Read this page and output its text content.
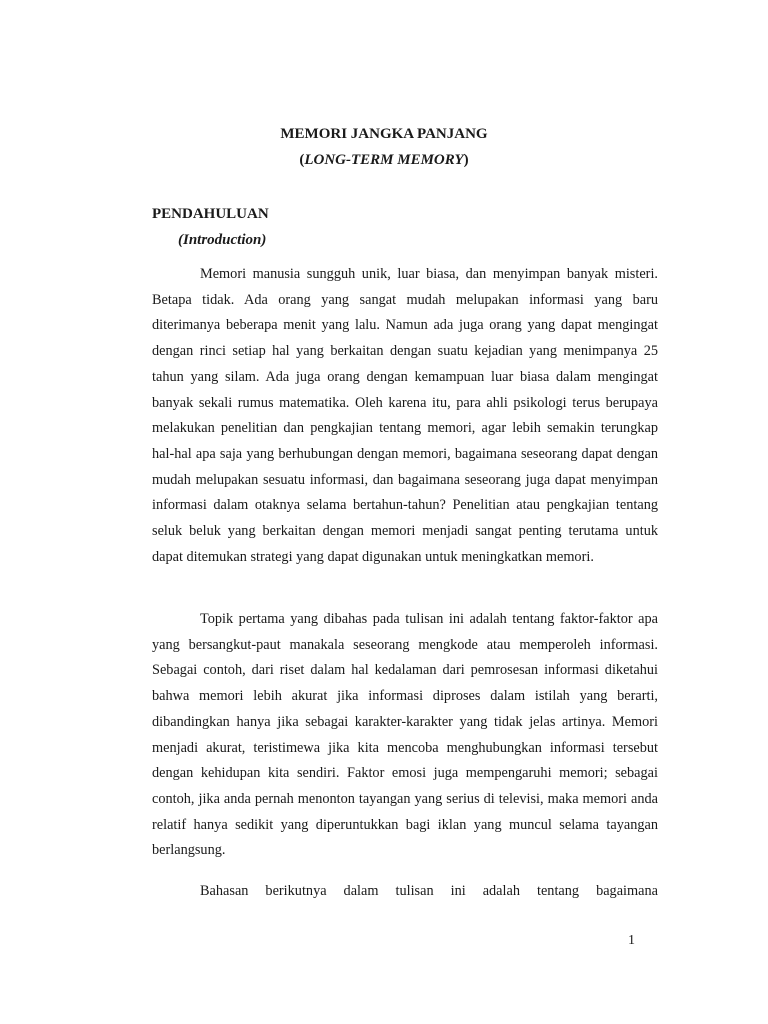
MEMORI JANGKA PANJANG
(LONG-TERM MEMORY)
PENDAHULUAN
(Introduction)

Memori manusia sungguh unik, luar biasa, dan menyimpan banyak misteri. Betapa tidak. Ada orang yang sangat mudah melupakan informasi yang baru diterimanya beberapa menit yang lalu. Namun ada juga orang yang dapat mengingat dengan rinci setiap hal yang berkaitan dengan suatu kejadian yang menimpanya 25 tahun yang silam. Ada juga orang dengan kemampuan luar biasa dalam mengingat banyak sekali rumus matematika. Oleh karena itu, para ahli psikologi terus berupaya melakukan penelitian dan pengkajian tentang memori, agar lebih semakin terungkap hal-hal apa saja yang berhubungan dengan memori, bagaimana seseorang dapat dengan mudah melupakan sesuatu informasi, dan bagaimana seseorang juga dapat menyimpan informasi dalam otaknya selama bertahun-tahun? Penelitian atau pengkajian tentang seluk beluk yang berkaitan dengan memori menjadi sangat penting terutama untuk dapat ditemukan strategi yang dapat digunakan untuk meningkatkan memori.

Topik pertama yang dibahas pada tulisan ini adalah tentang faktor-faktor apa yang bersangkut-paut manakala seseorang mengkode atau memperoleh informasi. Sebagai contoh, dari riset dalam hal kedalaman dari pemrosesan informasi diketahui bahwa memori lebih akurat jika informasi diproses dalam istilah yang berarti, dibandingkan hanya jika sebagai karakter-karakter yang tidak jelas artinya. Memori menjadi akurat, teristimewa jika kita mencoba menghubungkan informasi tersebut dengan kehidupan kita sendiri. Faktor emosi juga mempengaruhi memori; sebagai contoh, jika anda pernah menonton tayangan yang serius di televisi, maka memori anda relatif hanya sedikit yang diperuntukkan bagi iklan yang muncul selama tayangan berlangsung.

Bahasan berikutnya dalam tulisan ini adalah tentang bagaimana

1
